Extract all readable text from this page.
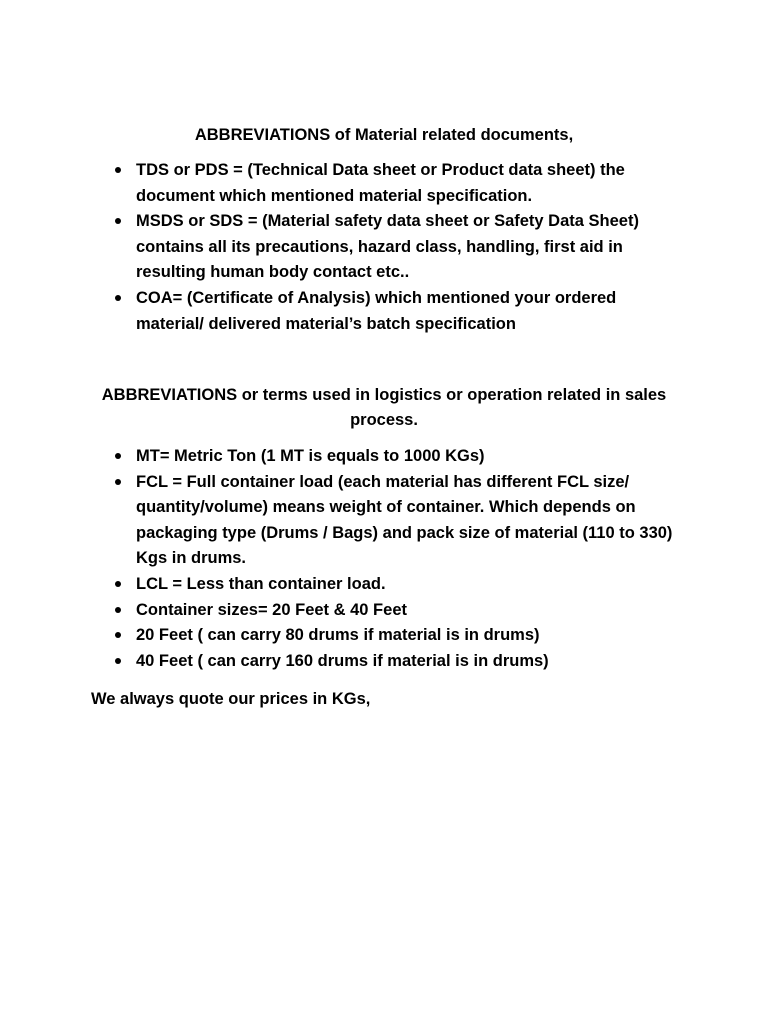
ABBREVIATIONS of Material related documents,
TDS or PDS = (Technical Data sheet or Product data sheet) the document which mentioned material specification.
MSDS or SDS = (Material safety data sheet or Safety Data Sheet) contains all its precautions, hazard class, handling, first aid in resulting human body contact etc..
COA= (Certificate of Analysis) which mentioned your ordered material/ delivered material’s batch specification
ABBREVIATIONS or terms used in logistics or operation related in sales process.
MT= Metric Ton (1 MT is equals to 1000 KGs)
FCL = Full container load (each material has different FCL size/ quantity/volume) means weight of container. Which depends on packaging type (Drums / Bags) and pack size of material (110 to 330) Kgs in drums.
LCL = Less than container load.
Container sizes= 20 Feet & 40 Feet
20 Feet ( can carry 80 drums if material is in drums)
40 Feet ( can carry 160 drums if material is in drums)
We always quote our prices in KGs,
